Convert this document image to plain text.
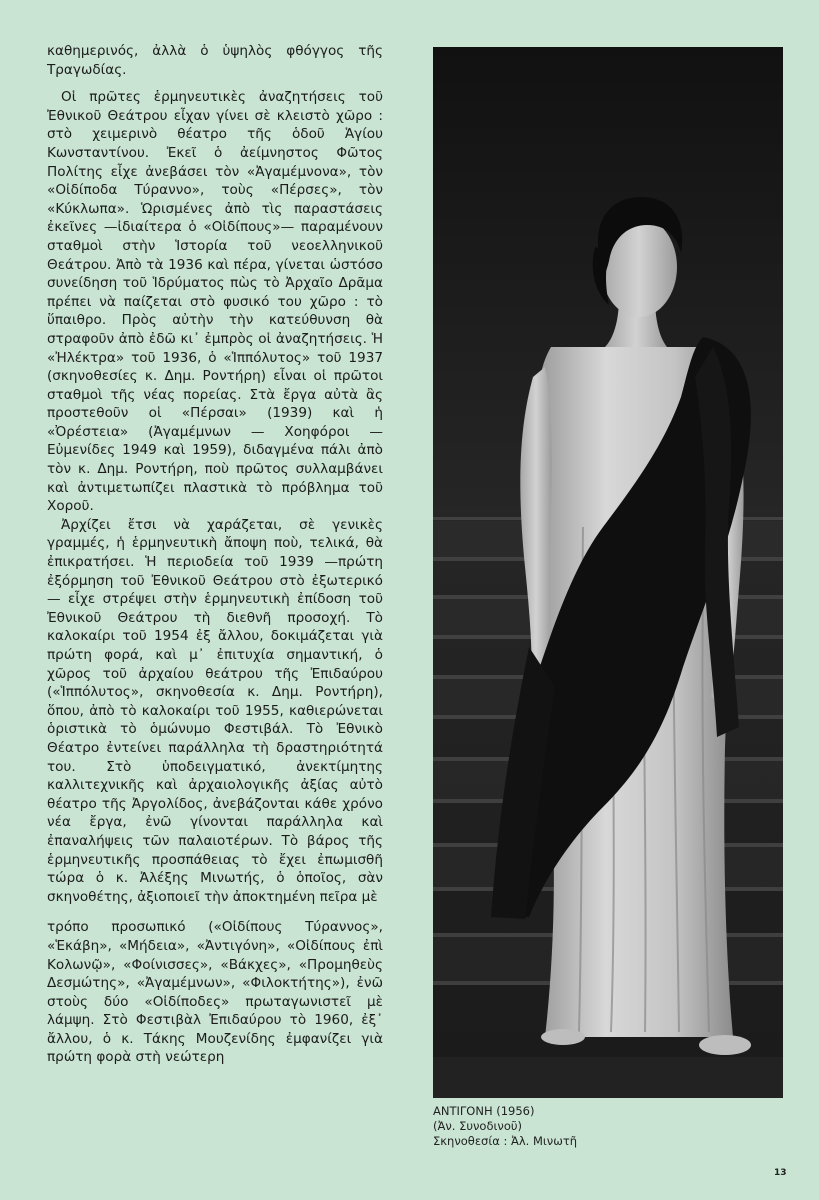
καθημερινός, ἀλλὰ ὁ ὑψηλὸς φθόγγος τῆς Τραγωδίας.

Οἱ πρῶτες ἑρμηνευτικὲς ἀναζητήσεις τοῦ Ἐθνικοῦ Θεάτρου εἶχαν γίνει σὲ κλειστὸ χῶρο : στὸ χειμερινὸ θέατρο τῆς ὁδοῦ Ἁγίου Κωνσταντίνου. Ἐκεῖ ὁ ἀείμνηστος Φῶτος Πολίτης εἶχε ἀνεβάσει τὸν «Ἀγαμέμνονα», τὸν «Οἰδίποδα Τύραννο», τοὺς «Πέρσες», τὸν «Κύκλωπα». Ὡρισμένες ἀπὸ τὶς παραστάσεις ἐκεῖνες —ἰδιαίτερα ὁ «Οἰδίπους»— παραμένουν σταθμοὶ στὴν Ἱστορία τοῦ νεοελληνικοῦ Θεάτρου. Ἀπὸ τὰ 1936 καὶ πέρα, γίνεται ὡστόσο συνείδηση τοῦ Ἱδρύματος πὼς τὸ Ἀρχαῖο Δρᾶμα πρέπει νὰ παίζεται στὸ φυσικό του χῶρο : τὸ ὕπαιθρο. Πρὸς αὐτὴν τὴν κατεύθυνση θὰ στραφοῦν ἀπὸ ἐδῶ κι᾿ ἐμπρὸς οἱ ἀναζητήσεις. Ἡ «Ἠλέκτρα» τοῦ 1936, ὁ «Ἱππόλυτος» τοῦ 1937 (σκηνοθεσίες κ. Δημ. Ροντήρη) εἶναι οἱ πρῶτοι σταθμοὶ τῆς νέας πορείας. Στὰ ἔργα αὐτὰ ἂς προστεθοῦν οἱ «Πέρσαι» (1939) καὶ ἡ «Ὀρέστεια» (Ἀγαμέμνων — Χοηφόροι — Εὐμενίδες 1949 καὶ 1959), διδαγμένα πάλι ἀπὸ τὸν κ. Δημ. Ροντήρη, ποὺ πρῶτος συλλαμβάνει καὶ ἀντιμετωπίζει πλαστικὰ τὸ πρόβλημα τοῦ Χοροῦ.

Ἀρχίζει ἔτσι νὰ χαράζεται, σὲ γενικὲς γραμμές, ἡ ἑρμηνευτικὴ ἄποψη ποὺ, τελικά, θὰ ἐπικρατήσει. Ἡ περιοδεία τοῦ 1939 —πρώτη ἐξόρμηση τοῦ Ἐθνικοῦ Θεάτρου στὸ ἐξωτερικό— εἶχε στρέψει στὴν ἑρμηνευτικὴ ἐπίδοση τοῦ Ἐθνικοῦ Θεάτρου τὴ διεθνῆ προσοχή. Τὸ καλοκαίρι τοῦ 1954 ἐξ ἄλλου, δοκιμάζεται γιὰ πρώτη φορά, καὶ μ᾿ ἐπιτυχία σημαντική, ὁ χῶρος τοῦ ἀρχαίου θεάτρου τῆς Ἐπιδαύρου («Ἱππόλυτος», σκηνοθεσία κ. Δημ. Ροντήρη), ὅπου, ἀπὸ τὸ καλοκαίρι τοῦ 1955, καθιερώνεται ὁριστικὰ τὸ ὁμώνυμο Φεστιβάλ. Τὸ Ἐθνικὸ Θέατρο ἐντείνει παράλληλα τὴ δραστηριότητά του. Στὸ ὑποδειγματικό, ἀνεκτίμητης καλλιτεχνικῆς καὶ ἀρχαιολογικῆς ἀξίας αὐτὸ θέατρο τῆς Ἀργολίδος, ἀνεβάζονται κάθε χρόνο νέα ἔργα, ἐνῶ γίνονται παράλληλα καὶ ἐπαναλήψεις τῶν παλαιοτέρων. Τὸ βάρος τῆς ἑρμηνευτικῆς προσπάθειας τὸ ἔχει ἐπωμισθῆ τώρα ὁ κ. Ἀλέξης Μινωτής, ὁ ὁποῖος, σὰν σκηνοθέτης, ἀξιοποιεῖ τὴν ἀποκτημένη πεῖρα μὲ

τρόπο προσωπικό («Οἰδίπους Τύραννος», «Ἑκάβη», «Μήδεια», «Ἀντιγόνη», «Οἰδίπους ἐπὶ Κολωνῷ», «Φοίνισσες», «Βάκχες», «Προμηθεὺς Δεσμώτης», «Ἀγαμέμνων», «Φιλοκτήτης»), ἐνῶ στοὺς δύο «Οἰδίποδες» πρωταγωνιστεῖ μὲ λάμψη. Στὸ Φεστιβὰλ Ἐπιδαύρου τὸ 1960, ἐξ᾿ ἄλλου, ὁ κ. Τάκης Μουζενίδης ἐμφανίζει γιὰ πρώτη φορὰ στὴ νεώτερη

ΑΝΤΙΓΟΝΗ (1956)
(Ἀν. Συνοδινοῦ)
Σκηνοθεσία : Ἀλ. Μινωτῆ
13
